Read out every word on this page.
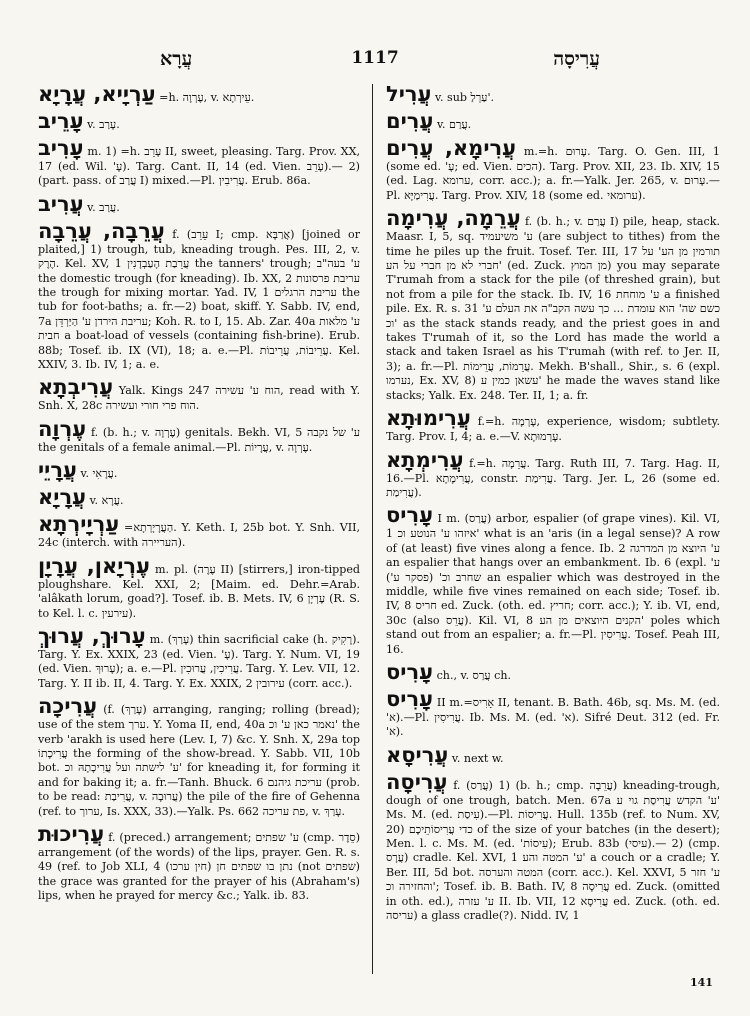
עֲרָא	1117	עֲרִיסָה
עַרְיָיא, עֲרָיָא =h. עֶרְוָה, v. עֵירְתָא.
עָרֵיב v. עָרַב.
עָרִיב m. 1) =h. עָרֵב II, sweet, pleasing. Targ. Prov. XX, 17 (ed. Wil. 'עָ). Targ. Cant. II, 14 (ed. Vien. עָרֵב).— 2) (part. pass. of עֲרַב I) mixed.—Pl. עֲרִיבִין. Erub. 86a.
עֲרִיב v. עֲרַב.
עֲרֵבָה, עֲרֵבָה f. (עֵרֵב I; cmp. אֲרַבָּא) [joined or plaited,] 1) trough, tub, kneading trough. Pes. III, 2, v. הֶרֶק. Kel. XV, 1 עֲרֵבַת הָעַבְדָנִין the tanners' trough; ע' בעה"ב the domestic trough (for kneading). Ib. XX, 2 עריבת פרסונות the trough for mixing mortar. Yad. IV, 1 עריבת הרגלים the tub for foot-baths; a. fr.—2) boat, skiff. Y. Sabb. IV, end, 7a עריבת הירדן ע' הַיַּרְדֵּן; Koh. R. to I, 15. Ab. Zar. 40a ע' מלאות חבית a boat-load of vessels (containing fish-brine). Erub. 88b; Tosef. ib. IX (VI), 18; a. e.—Pl. עֲרֵיבוֹת, עֲרֵיבוֹת. Kel. XXIV, 3. Ib. IV, 1; a. e.
עֲרִיבְתָא Yalk. Kings 247 הוח ע' עשירה, read with Y. Snh. X, 28c הוח פרי חורי ועשירה.
עֶרְוָה f. (b. h.; v. עֶרְוָה) genitals. Bekh. VI, 5 ע' של נקבה the genitals of a female animal.—Pl. עֲרָיוֹת, v. עֶרְוָה.
עֲרָיֵי v. עֲרָאִי.
עֲרָיָא v. עֲרָא.
עַרְיָירְתָא =הַעֲרָיָרְתָא. Y. Keth. I, 25b bot. Y. Snh. VII, 24c (interch. with העריירה).
עֶרְיָאן, עֲרָיָן m. pl. (עֶרֶה II) [stirrers,] iron-tipped ploughshare. Kel. XXI, 2; [Maim. ed. Dehr.=Arab. 'alâkath lorum, goad?]. Tosef. ib. B. Mets. IV, 6 עֶרְיָן (R. S. to Kel. l. c. עירעין).
עָרוּךְ, עֲרוּךְ m. (עָרַךְ) thin sacrificial cake (h. רָקִיק). Targ. Y. Ex. XXIX, 23 (ed. Vien. 'עָ). Targ. Y. Num. VI, 19 (ed. Vien. עָרוּךְ); a. e.—Pl. עֲרִיכִין, עֲרוּכִין. Targ. Y. Lev. VII, 12. Targ. Y. II ib. II, 4. Targ. Y. Ex. XXIX, 2 עירובין (corr. acc.).
עֲרִיכָה (f. (עָרַךְ) arranging, ranging; rolling (bread); use of the stem ערך. Y. Yoma II, end, 40a נאמר כאן ע' וכ' the verb 'arakh is used here (Lev. I, 7) &c. Y. Snh. X, 29a top עֲרִיכָתוֹ the forming of the show-bread. Y. Sabb. VII, 10b bot. ע' לישתה ועל עֲרִיכָתָהּ וכ' for kneading it, for forming it and for baking it; a. fr.—Tanh. Bhuck. 6 עריכת גיהנם (prob. to be read: עֲרִיבַת, v. עֲרוּבָה) the pile of the fire of Gehenna (ref. to ערוך, Is. XXX, 33).—Yalk. Ps. 662 פת עריכה, v. עָרַךְ.
עֲרִיכוּת f. (preced.) arrangement; ע' שפתים (cmp. סֵדֶר) arrangement (of the words) of the lips, prayer. Gen. R. s. 49 (ref. to Job XLI, 4 (חין ערכו) נתן בו שפתים חן (not שפתים) the grace was granted for the prayer of his (Abraham's) lips, when he prayed for mercy &c.; Yalk. ib. 83.
עֲרִיל v. sub עַרְלַ'.
עֲרִים v. עֲרַם.
עֲרִימָא, עֲרִים m.=h. עָרוּם. Targ. O. Gen. III, 1 (some ed. 'עָ; ed. Vien. הכים). Targ. Prov. XII, 23. Ib. XIV, 15 (ed. Lag. ערומא, corr. acc.); a. fr.—Yalk. Jer. 265, v. עָרוּם.— Pl. עֲרִימַיָּא. Targ. Prov. XIV, 18 (some ed. ערומאי).
עֲרֵמָה, עֲרִימָה f. (b. h.; v. עֲרַם I) pile, heap, stack. Maasr. I, 5, sq. ע' משיעמיד (are subject to tithes) from the time he piles up the fruit. Tosef. Ter. III, 17 תורמין מן הע' על חברי לא מן חברי על הע' (ed. Zuck. מן המוץ) you may separate T'rumah from a stack for the pile (of threshed grain), but not from a pile for the stack. Ib. IV, 16 ע' מוחחת a finished pile. Ex. R. s. 31 כשם שה' הוא עומדת ... כך עשה הקב"ה את העלם ע' וכ' as the stack stands ready, and the priest goes in and takes T'rumah of it, so the Lord has made the world a stack and taken Israel as his T'rumah (with ref. to Jer. II, 3); a. fr.—Pl. עֲרֵמוֹת, עֲרֵימוֹת. Mekh. B'shall., Shir., s. 6 (expl. נערמו, Ex. XV, 8) עשאן כמין ע' he made the waves stand like stacks; Yalk. Ex. 248. Ter. II, 1; a. fr.
עֲרִימוּתָא f.=h. עָרְמָה, experience, wisdom; subtlety. Targ. Prov. I, 4; a. e.—V. עָרְמוּתָא.
עֲרִימְתָא f.=h. עֲרֵמָה. Targ. Ruth III, 7. Targ. Hag. II, 16.—Pl. עֲרִימָתָא, constr. עֲרִימַת. Targ. Jer. L, 26 (some ed. עֲרִימַת).
עָרִיס I m. (עֲרַס) arbor, espalier (of grape vines). Kil. VI, 1 איזהו ע' הנוטע וכ' what is an 'aris (in a legal sense)? A row of (at least) five vines along a fence. Ib. 2 ע' היוצא מן המדרגה an espalier that hangs over an embankment. Ib. 6 (expl. ע' שחרב וכ' (פסקר ע') an espalier which was destroyed in the middle, while five vines remained on each side; Tosef. ib. IV, 8 חריס ed. Zuck. (oth. ed. חריץ; corr. acc.); Y. ib. VI, end, 30c (also עֲרֵס). Kil. VI, 8 הקנים היוצאים מן הע' poles which stand out from an espalier; a. fr.—Pl. עֲרִיסִין. Tosef. Peah III, 16.
עָרִיס ch., v. עֲרַס ch.
עָרִיס II m.=אָרִיס II, tenant. B. Bath. 46b, sq. Ms. M. (ed. 'א).—Pl. עֲרִיסִין. Ib. Ms. M. (ed. 'א). Sifré Deut. 312 (ed. Fr. 'א).
עֲרִיסָא v. next w.
עֲרִיסָה f. (עֲרַס) 1) (b. h.; cmp. עֲרֵבָה) kneading-trough, dough of one trough, batch. Men. 67a ע' הקדש עֲרִיסַת גוי ע' Ms. M. (ed. עִיסַת).—Pl. עֲרִיסוֹת. Hull. 135b (ref. to Num. XV, 20) כדי עֲרִיסוֹתֵיכֶם of the size of your batches (in the desert); Men. l. c. Ms. M. (ed. 'עִיסוֹת); Erub. 83b (עיסי).— 2) (cmp. עֲרָס) cradle. Kel. XVI, 1 ע' המטה והע' a couch or a cradle; Y. Ber. III, 5d bot. המטה והערסה (corr. acc.). Kel. XXVI, 5 ע' חזר והחזירה וכ'; Tosef. ib. B. Bath. IV, 8 עֲרִיסָה ed. Zuck. (omitted in oth. ed.), ע' עזרה II. Ib. VII, 12 עֲרִיסָא ed. Zuck. (oth. ed. עריסה) a glass cradle(?). Nidd. IV, 1
141
